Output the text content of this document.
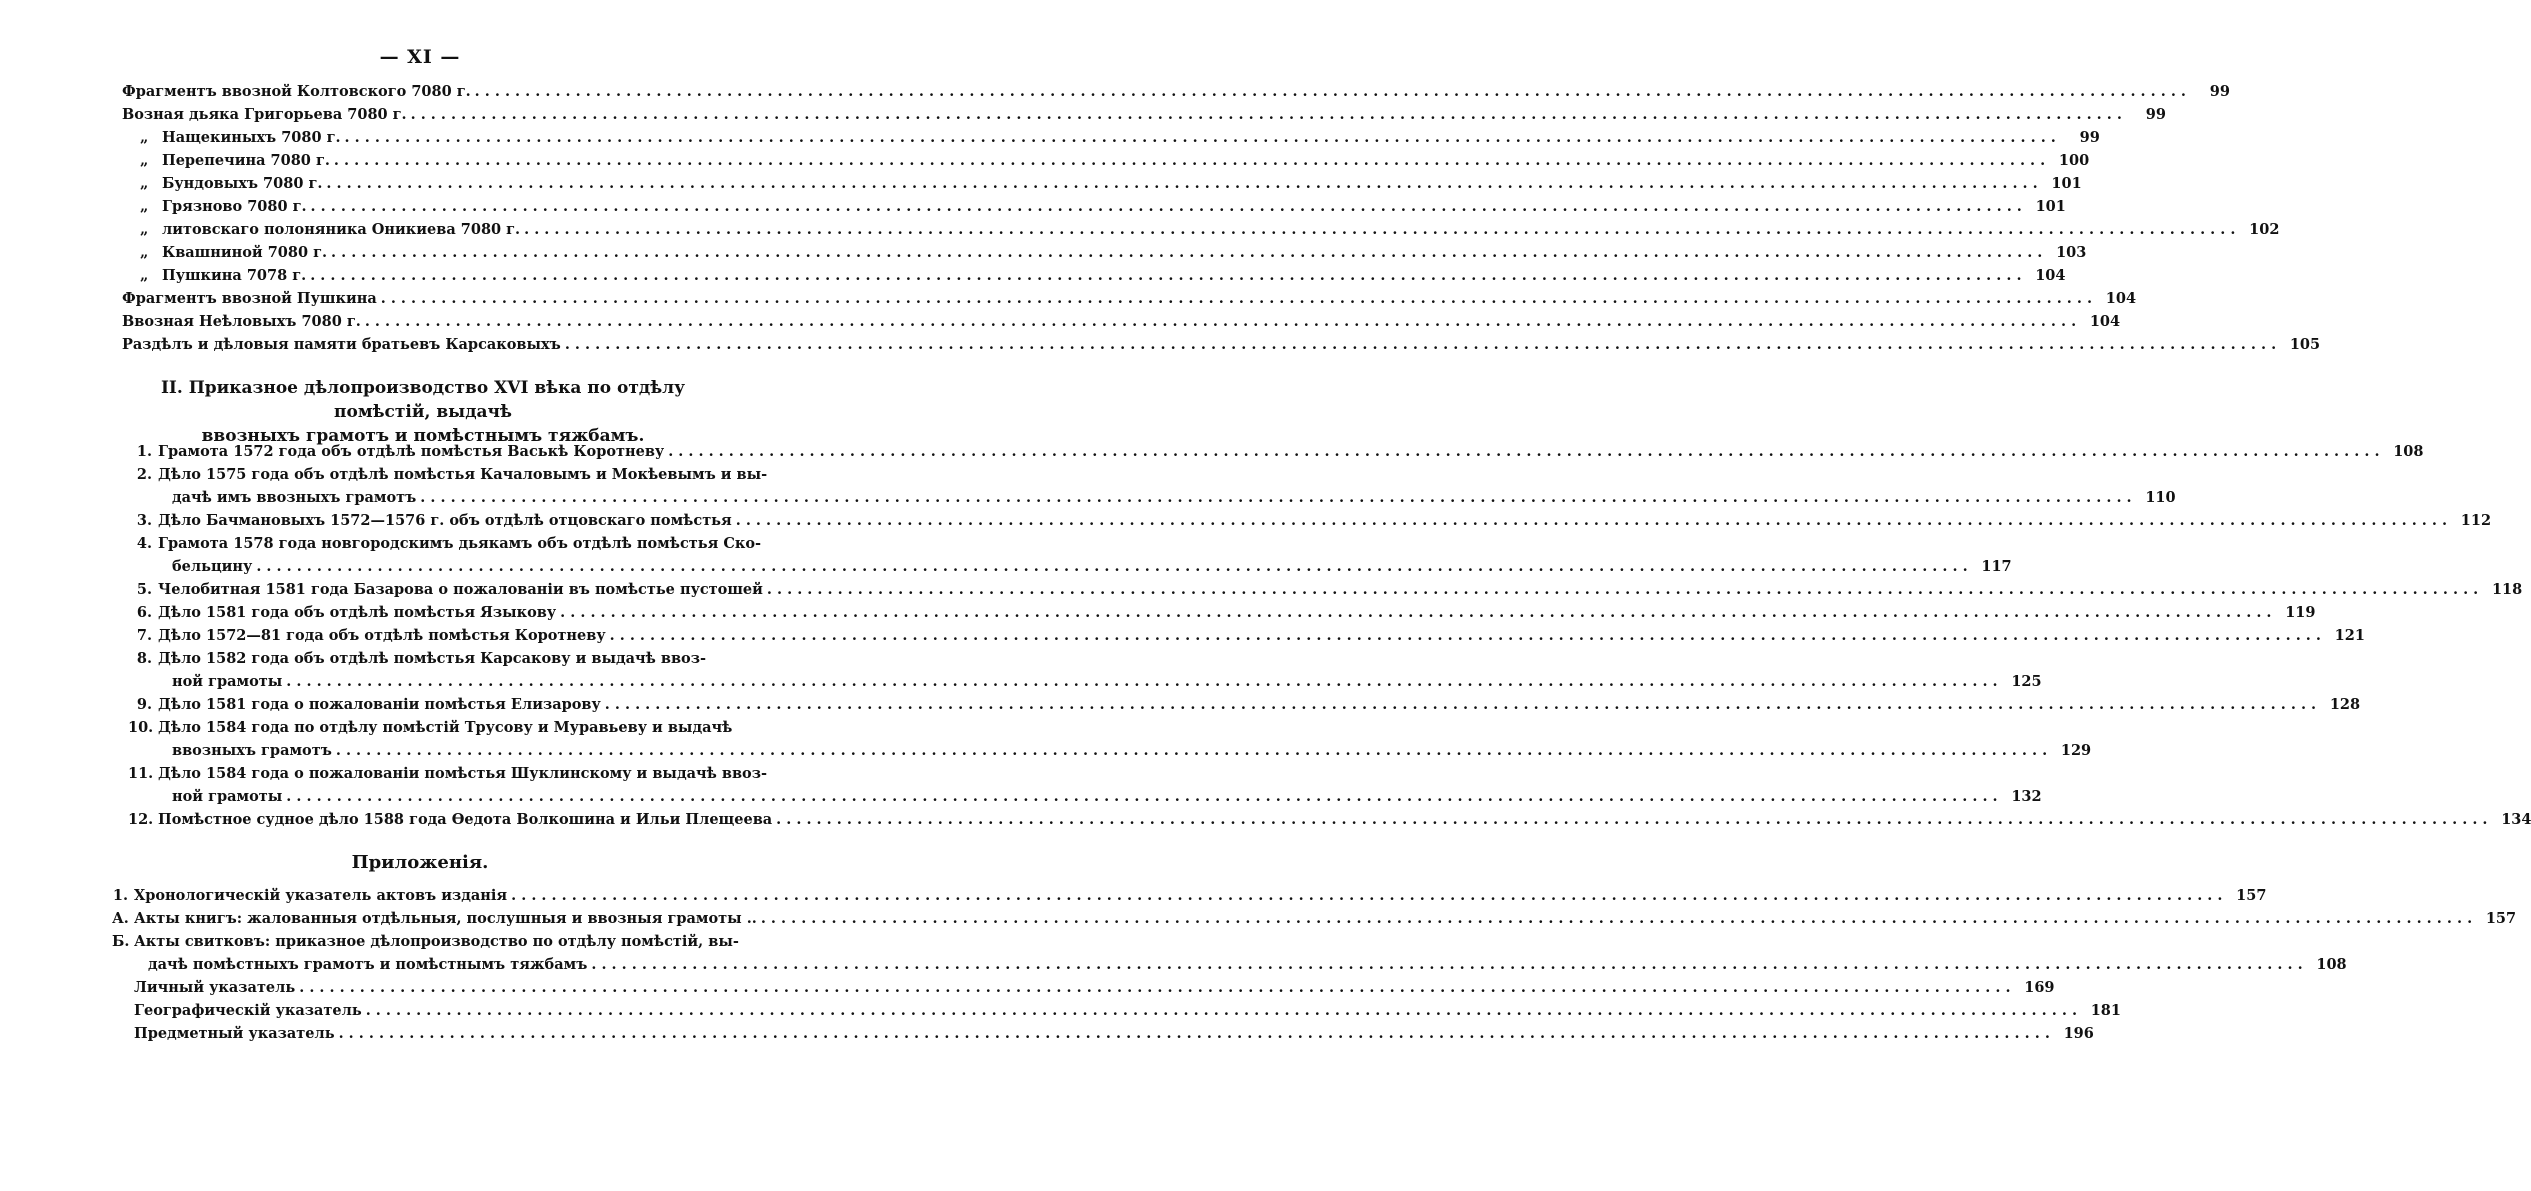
— XI —
Фрагментъ ввозной Колтовского 7080 г. . . .	99
Возная дьяка Григорьева 7080 г. . . .	99
„ Нащекиныхъ 7080 г. . . .	99
„ Перепечина 7080 г. . . .	100
„ Бундовыхъ 7080 г. . . .	101
„ Грязново 7080 г. . . .	101
„ литовскаго полоняника Оникиева 7080 г. . . .	102
„ Квашниной 7080 г. . . .	103
„ Пушкина 7078 г. . . .	104
Фрагментъ ввозной Пушкина . . .	104
Ввозная Неѣловыхъ 7080 г. . . .	104
Раздѣлъ и дѣловыя памяти братьевъ Карсаковыхъ . . .	105
II. Приказное дѣлопроизводство XVI вѣка по отдѣлу помѣстій, выдачѣ
ввозныхъ грамотъ и помѣстнымъ тяжбамъ.
1. Грамота 1572 года объ отдѣлѣ помѣстья Васькѣ Коротневу . . .	108
2. Дѣло 1575 года объ отдѣлѣ помѣстья Качаловымъ и Мокѣевымъ и вы-
дачѣ имъ ввозныхъ грамотъ . . .	110
3. Дѣло Бачмановыхъ 1572—1576 г. объ отдѣлѣ отцовскаго помѣстья . . .	112
4. Грамота 1578 года новгородскимъ дьякамъ объ отдѣлѣ помѣстья Ско-
бельцину . . .	117
5. Челобитная 1581 года Базарова о пожалованіи въ помѣстье пустошей . . .	118
6. Дѣло 1581 года объ отдѣлѣ помѣстья Языкову . . .	119
7. Дѣло 1572—81 года объ отдѣлѣ помѣстья Коротневу . . .	121
8. Дѣло 1582 года объ отдѣлѣ помѣстья Карсакову и выдачѣ ввоз-
ной грамоты . . .	125
9. Дѣло 1581 года о пожалованіи помѣстья Елизарову . . .	128
10. Дѣло 1584 года по отдѣлу помѣстій Трусову и Муравьеву и выдачѣ
ввозныхъ грамотъ . . .	129
11. Дѣло 1584 года о пожалованіи помѣстья Шуклинскому и выдачѣ ввоз-
ной грамоты . . .	132
12. Помѣстное судное дѣло 1588 года Ѳедота Волкошина и Ильи Плещеева . . .	134
Приложенія.
1. Хронологическій указатель актовъ изданія . . .	157
А. Акты книгъ: жалованныя отдѣльныя, послушныя и ввозныя грамоты .. . . .	157
Б. Акты свитковъ: приказное дѣлопроизводство по отдѣлу помѣстій, вы-
дачѣ помѣстныхъ грамотъ и помѣстнымъ тяжбамъ . . .	108
Личный указатель . . .	169
Географическій указатель . . .	181
Предметный указатель . . .	196
